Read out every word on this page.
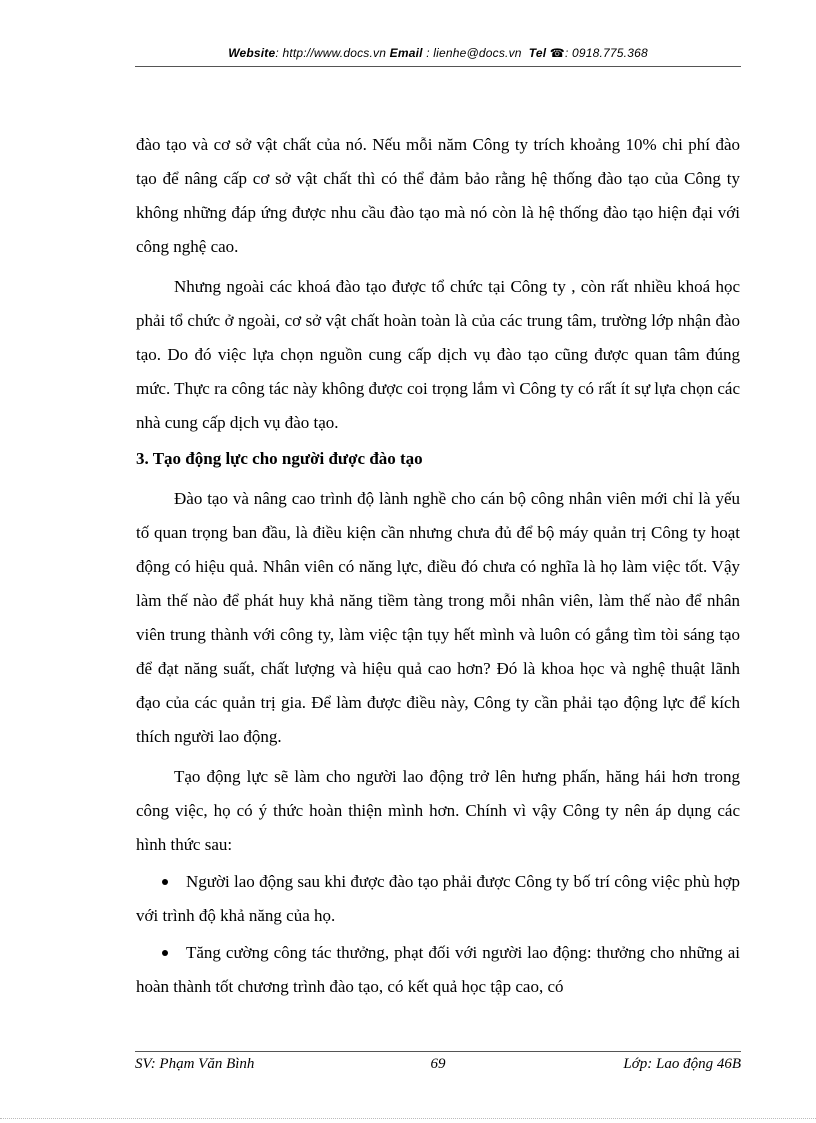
Website: http://www.docs.vn Email : lienhe@docs.vn Tel ☎: 0918.775.368

đào tạo và cơ sở vật chất của nó. Nếu mỗi năm Công ty trích khoảng 10% chi phí đào tạo để nâng cấp cơ sở vật chất thì có thể đảm bảo rằng hệ thống đào tạo của Công ty không những đáp ứng được nhu cầu đào tạo mà nó còn là hệ thống đào tạo hiện đại với công nghệ cao.

Nhưng ngoài các khoá đào tạo được tổ chức tại Công ty , còn rất nhiều khoá học phải tổ chức ở ngoài, cơ sở vật chất hoàn toàn là của các trung tâm, trường lớp nhận đào tạo. Do đó việc lựa chọn nguồn cung cấp dịch vụ đào tạo cũng được quan tâm đúng mức. Thực ra công tác này không được coi trọng lắm vì Công ty có rất ít sự lựa chọn các nhà cung cấp dịch vụ đào tạo.

3. Tạo động lực cho người được đào tạo

Đào tạo và nâng cao trình độ lành nghề cho cán bộ công nhân viên mới chỉ là yếu tố quan trọng ban đầu, là điều kiện cần nhưng chưa đủ để bộ máy quản trị Công ty hoạt động có hiệu quả. Nhân viên có năng lực, điều đó chưa có nghĩa là họ làm việc tốt. Vậy làm thế nào để phát huy khả năng tiềm tàng trong mỗi nhân viên, làm thế nào để nhân viên trung thành với công ty, làm việc tận tụy hết mình và luôn có gắng tìm tòi sáng tạo để đạt năng suất, chất lượng và hiệu quả cao hơn? Đó là khoa học và nghệ thuật lãnh đạo của các quản trị gia. Để làm được điều này, Công ty cần phải tạo động lực để kích thích người lao động.

Tạo động lực sẽ làm cho người lao động trở lên hưng phấn, hăng hái hơn trong công việc, họ có ý thức hoàn thiện mình hơn. Chính vì vậy Công ty nên áp dụng các hình thức sau:

Người lao động sau khi được đào tạo phải được Công ty bố trí công việc phù hợp với trình độ khả năng của họ.

Tăng cường công tác thưởng, phạt đối với người lao động: thưởng cho những ai hoàn thành tốt chương trình đào tạo, có kết quả học tập cao, có

SV: Phạm Văn Bình	69	Lớp: Lao động 46B
